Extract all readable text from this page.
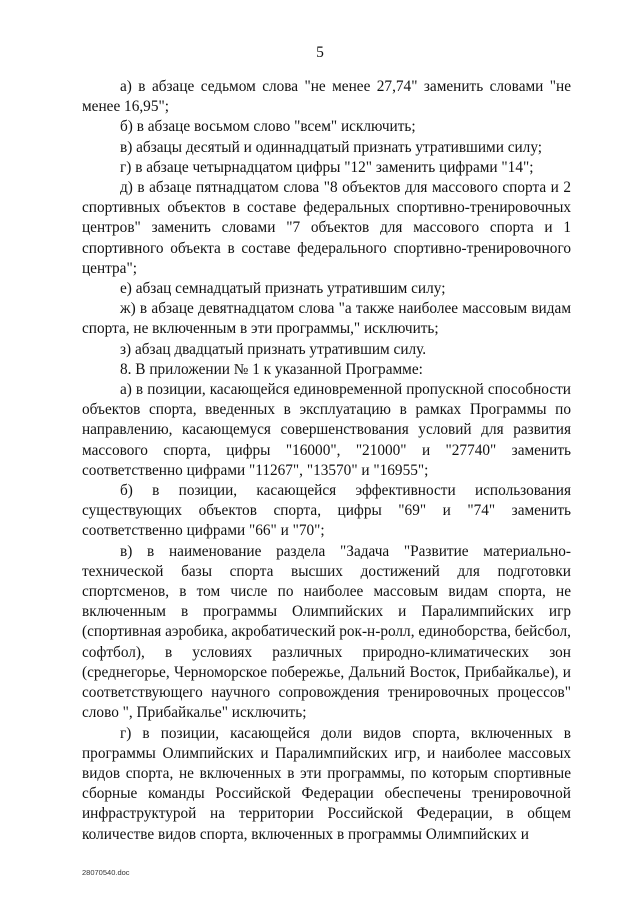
5

а) в абзаце седьмом слова "не менее 27,74" заменить словами "не менее 16,95";

б) в абзаце восьмом слово "всем" исключить;

в) абзацы десятый и одиннадцатый признать утратившими силу;

г) в абзаце четырнадцатом цифры "12" заменить цифрами "14";

д) в абзаце пятнадцатом слова "8 объектов для массового спорта и 2 спортивных объектов в составе федеральных спортивно-тренировочных центров" заменить словами "7 объектов для массового спорта и 1 спортивного объекта в составе федерального спортивно-тренировочного центра";

е) абзац семнадцатый признать утратившим силу;

ж) в абзаце девятнадцатом слова "а также наиболее массовым видам спорта, не включенным в эти программы," исключить;

з) абзац двадцатый признать утратившим силу.

8. В приложении № 1 к указанной Программе:

а) в позиции, касающейся единовременной пропускной способности объектов спорта, введенных в эксплуатацию в рамках Программы по направлению, касающемуся совершенствования условий для развития массового спорта, цифры "16000", "21000" и "27740" заменить соответственно цифрами "11267", "13570" и "16955";

б) в позиции, касающейся эффективности использования существующих объектов спорта, цифры "69" и "74" заменить соответственно цифрами "66" и "70";

в) в наименование раздела "Задача "Развитие материально-технической базы спорта высших достижений для подготовки спортсменов, в том числе по наиболее массовым видам спорта, не включенным в программы Олимпийских и Паралимпийских игр (спортивная аэробика, акробатический рок-н-ролл, единоборства, бейсбол, софтбол), в условиях различных природно-климатических зон (среднегорье, Черноморское побережье, Дальний Восток, Прибайкалье), и соответствующего научного сопровождения тренировочных процессов" слово ", Прибайкалье" исключить;

г) в позиции, касающейся доли видов спорта, включенных в программы Олимпийских и Паралимпийских игр, и наиболее массовых видов спорта, не включенных в эти программы, по которым спортивные сборные команды Российской Федерации обеспечены тренировочной инфраструктурой на территории Российской Федерации, в общем количестве видов спорта, включенных в программы Олимпийских и

28070540.doc
